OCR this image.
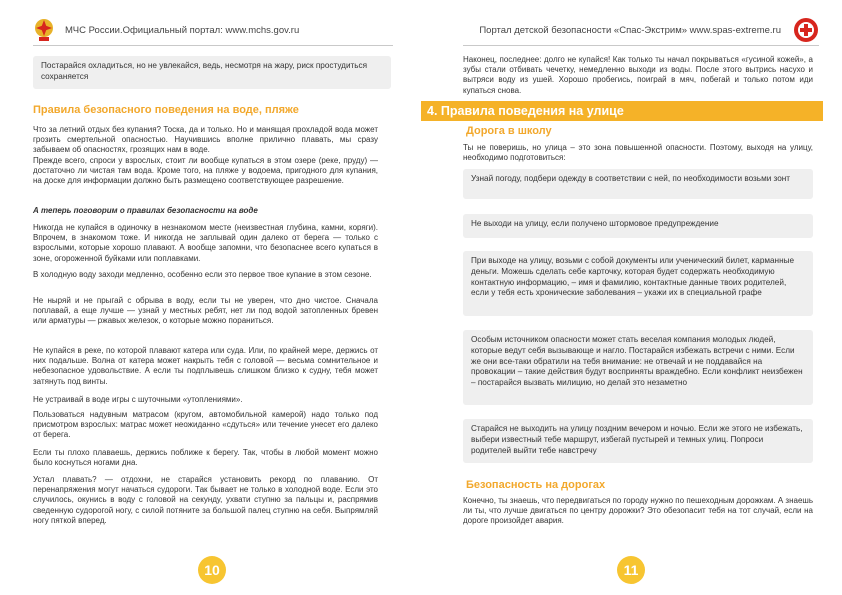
МЧС России.Официальный портал: www.mchs.gov.ru
Постарайся охладиться, но не увлекайся, ведь, несмотря на жару, риск простудиться сохраняется
Правила безопасного поведения на воде, пляже

Что за летний отдых без купания? Тоска, да и только. Но и манящая прохладой вода может грозить смертельной опасностью. Научившись вполне прилично плавать, мы сразу забываем об опасностях, грозящих нам в воде.

Прежде всего, спроси у взрослых, стоит ли вообще купаться в этом озере (реке, пруду) — достаточно ли чистая там вода. Кроме того, на пляже у водоема, пригодного для купания, на доске для информации должно быть размещено соответствующее разрешение.

А теперь поговорим о правилах безопасности на воде

Никогда не купайся в одиночку в незнакомом месте (неизвестная глубина, камни, коряги). Впрочем, в знакомом тоже. И никогда не заплывай один далеко от берега — только с взрослыми, которые хорошо плавают. А вообще запомни, что безопаснее всего купаться в зоне, огороженной буйками или поплавками.

В холодную воду заходи медленно, особенно если это первое твое купание в этом сезоне.

Не ныряй и не прыгай с обрыва в воду, если ты не уверен, что дно чистое. Сначала поплавай, а еще лучше — узнай у местных ребят, нет ли под водой затопленных бревен или арматуры — ржавых железок, о которые можно пораниться.

Не купайся в реке, по которой плавают катера или суда. Или, по крайней мере, держись от них подальше. Волна от катера может накрыть тебя с головой — весьма сомнительное и небезопасное удовольствие. А если ты подплывешь слишком близко к судну, тебя может затянуть под винты.

Не устраивай в воде игры с шуточными «утоплениями».

Пользоваться надувным матрасом (кругом, автомобильной камерой) надо только под присмотром взрослых: матрас может неожиданно «сдуться» или течение унесет его далеко от берега.

Если ты плохо плаваешь, держись поближе к берегу. Так, чтобы в любой момент можно было коснуться ногами дна.

Устал плавать? — отдохни, не старайся установить рекорд по плаванию. От перенапряжения могут начаться судороги. Так бывает не только в холодной воде. Если это случилось, окунись в воду с головой на секунду, ухвати ступню за пальцы и, распрямив сведенную судорогой ногу, с силой потяните за большой палец ступню на себя. Выпрямляй ногу пяткой вперед.

10
Портал детской безопасности «Спас-Экстрим» www.spas-extreme.ru

Наконец, последнее: долго не купайся! Как только ты начал покрываться «гусиной кожей», а зубы стали отбивать чечетку, немедленно выходи из воды. После этого вытрись насухо и вытряси воду из ушей. Хорошо пробегись, поиграй в мяч, побегай и только потом иди купаться снова.

4. Правила поведения на улице
Дорога в школу

Ты не поверишь, но улица – это зона повышенной опасности. Поэтому, выходя на улицу, необходимо подготовиться:

Узнай погоду, подбери одежду в соответствии с ней, по необходимости возьми зонт
Не выходи на улицу, если получено штормовое предупреждение
При выходе на улицу, возьми с собой документы или ученический билет, карманные деньги. Можешь сделать себе карточку, которая будет содержать необходимую контактную информацию, – имя и фамилию, контактные данные твоих родителей, если у тебя есть хронические заболевания – укажи их в специальной графе
Особым источником опасности может стать веселая компания молодых людей, которые ведут себя вызывающе и нагло. Постарайся избежать встречи с ними. Если же они все-таки обратили на тебя внимание: не отвечай и не поддавайся на провокации – такие действия будут восприняты враждебно. Если конфликт неизбежен – постарайся вызвать милицию, но делай это незаметно
Старайся не выходить на улицу поздним вечером и ночью. Если же этого не избежать, выбери известный тебе маршрут, избегай пустырей и темных улиц. Попроси родителей выйти тебе навстречу
Безопасность на дорогах

Конечно, ты знаешь, что передвигаться по городу нужно по пешеходным дорожкам. А знаешь ли ты, что лучше двигаться по центру дорожки? Это обезопасит тебя на тот случай, если на дороге произойдет авария.

11
